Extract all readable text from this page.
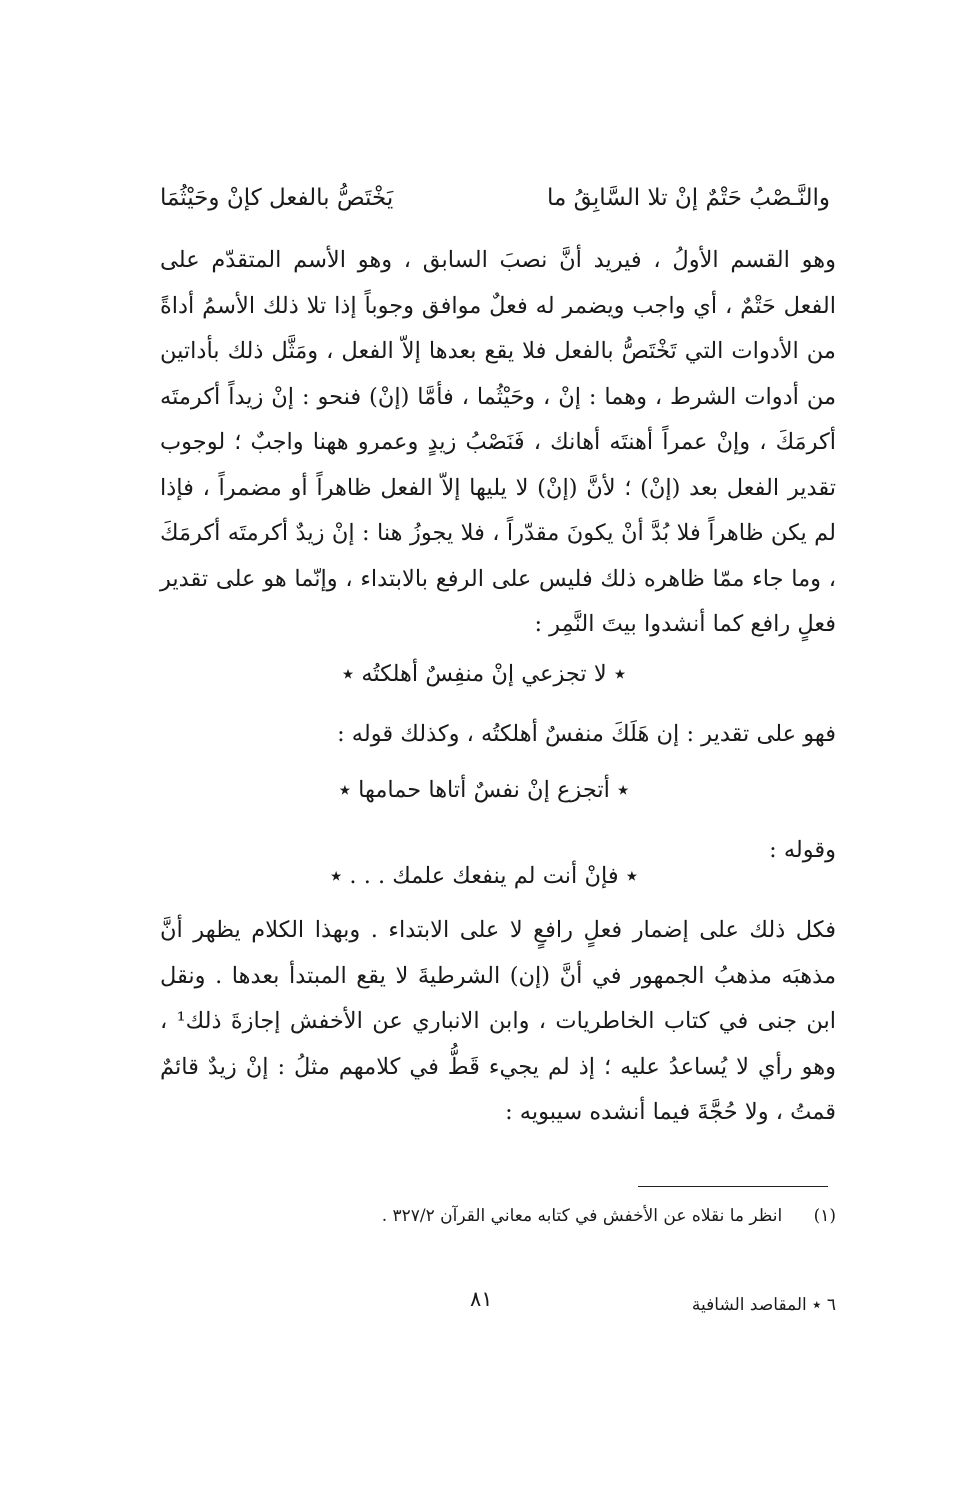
والنَّـصْبُ حَتْمٌ إنْ تلا السَّابِقُ ما
يَخْتَصُّ بالفعل كإنْ وحَيْثُمَا

وهو القسم الأولُ ، فيريد أنَّ نصبَ السابق ، وهو الأسم المتقدّم على الفعل حَتْمٌ ، أي واجب ويضمر له فعلٌ موافق وجوباً إذا تلا ذلك الأسمُ أداةً من الأدوات التي تَخْتَصُّ بالفعل فلا يقع بعدها إلاّ الفعل ، ومَثَّل ذلك بأداتين من أدوات الشرط ، وهما : إنْ ، وحَيْثُما ، فأمَّا (إنْ) فنحو : إنْ زيداً أكرمتَه أكرمَكَ ، وإنْ عمراً أهنتَه أهانك ، فَنَصْبُ زيدٍ وعمرو ههنا واجبٌ ؛ لوجوب تقدير الفعل بعد (إنْ) ؛ لأنَّ (إنْ) لا يليها إلاّ الفعل ظاهراً أو مضمراً ، فإذا لم يكن ظاهراً فلا بُدَّ أنْ يكونَ مقدّراً ، فلا يجوزُ هنا : إنْ زيدٌ أكرمتَه أكرمَكَ ، وما جاء ممّا ظاهره ذلك فليس على الرفع بالابتداء ، وإنّما هو على تقدير فعلٍ رافع كما أنشدوا بيتَ النَّمِر :

٭ لا تجزعي إنْ منفِسٌ أهلكتُه ٭
فهو على تقدير : إن هَلَكَ منفسٌ أهلكتُه ، وكذلك قوله :
٭ أتجزع إنْ نفسٌ أتاها حمامها ٭
وقوله :
٭ فإنْ أنت لم ينفعك علمك . . . ٭

فكل ذلك على إضمار فعلٍ رافعٍ لا على الابتداء . وبهذا الكلام يظهر أنَّ مذهبَه مذهبُ الجمهور في أنَّ (إن) الشرطيةَ لا يقع المبتدأ بعدها . ونقل ابن جنى في كتاب الخاطريات ، وابن الانباري عن الأخفش إجازةَ ذلك¹ ، وهو رأي لا يُساعدُ عليه ؛ إذ لم يجيء قَطُّ في كلامهم مثلُ : إنْ زيدٌ قائمٌ قمتُ ، ولا حُجَّةَ فيما أنشده سيبويه :

(١) انظر ما نقلاه عن الأخفش في كتابه معاني القرآن ٣٢٧/٢ .
٨١	٦ ٭ المقاصد الشافية
